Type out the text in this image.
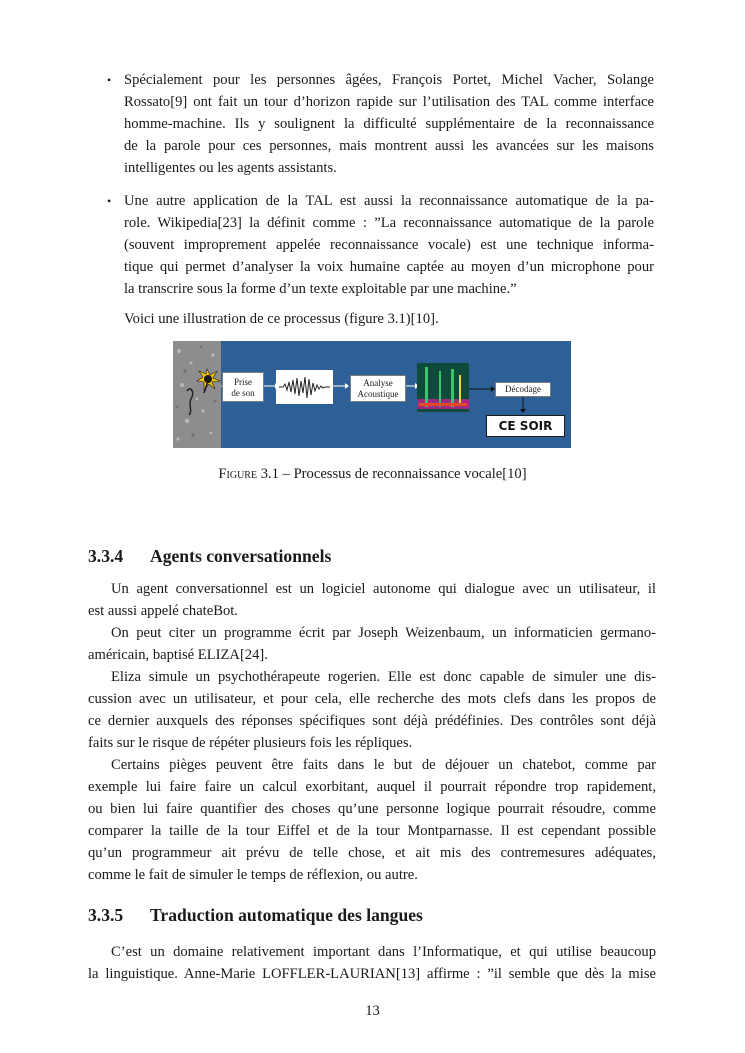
• Spécialement pour les personnes âgées, François Portet, Michel Vacher, Solange
Rossato[9] ont fait un tour d’horizon rapide sur l’utilisation des TAL comme interface
homme-machine. Ils y soulignent la difficulté supplémentaire de la reconnaissance
de la parole pour ces personnes, mais montrent aussi les avancées sur les maisons
intelligentes ou les agents assistants.
• Une autre application de la TAL est aussi la reconnaissance automatique de la pa-
role. Wikipedia[23] la définit comme : ”La reconnaissance automatique de la parole
(souvent improprement appelée reconnaissance vocale) est une technique informa-
tique qui permet d’analyser la voix humaine captée au moyen d’un microphone pour
la transcrire sous la forme d’un texte exploitable par une machine.”
Voici une illustration de ce processus (figure 3.1)[10].
Prise
de son
Analyse
Acoustique	Décodage
CE SOIR
Figure 3.1 – Processus de reconnaissance vocale[10]
3.3.4 Agents conversationnels
Un agent conversationnel est un logiciel autonome qui dialogue avec un utilisateur, il
est aussi appelé chateBot.
On peut citer un programme écrit par Joseph Weizenbaum, un informaticien germano-
américain, baptisé ELIZA[24].
Eliza simule un psychothérapeute rogerien. Elle est donc capable de simuler une dis-
cussion avec un utilisateur, et pour cela, elle recherche des mots clefs dans les propos de
ce dernier auxquels des réponses spécifiques sont déjà prédéfinies. Des contrôles sont déjà
faits sur le risque de répéter plusieurs fois les répliques.
Certains pièges peuvent être faits dans le but de déjouer un chatebot, comme par
exemple lui faire faire un calcul exorbitant, auquel il pourrait répondre trop rapidement,
ou bien lui faire quantifier des choses qu’une personne logique pourrait résoudre, comme
comparer la taille de la tour Eiffel et de la tour Montparnasse. Il est cependant possible
qu’un programmeur ait prévu de telle chose, et ait mis des contremesures adéquates,
comme le fait de simuler le temps de réflexion, ou autre.
3.3.5 Traduction automatique des langues
C’est un domaine relativement important dans l’Informatique, et qui utilise beaucoup
la linguistique. Anne-Marie LOFFLER-LAURIAN[13] affirme : ”il semble que dès la mise
13
